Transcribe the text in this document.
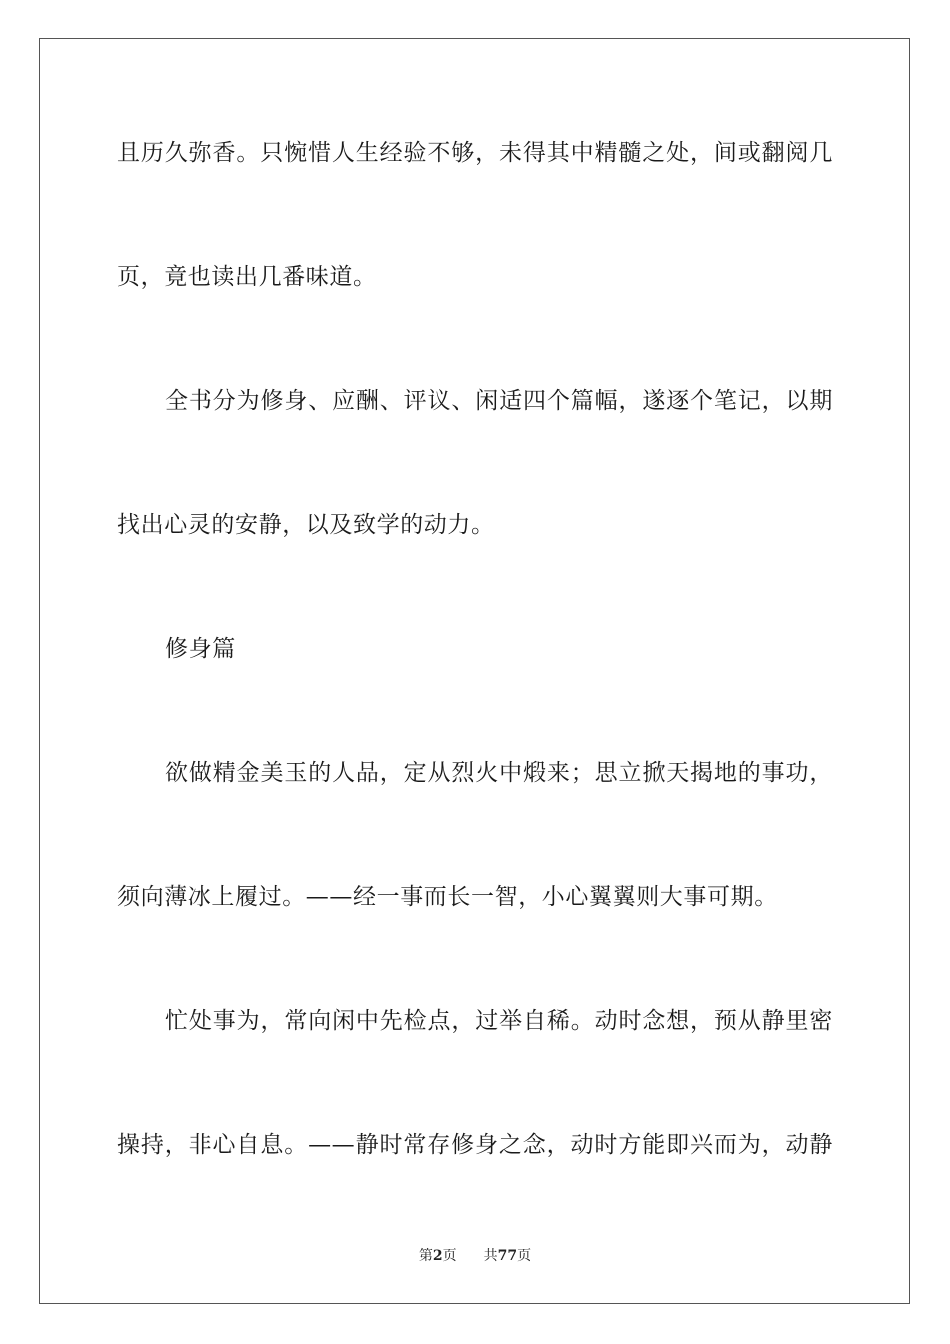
且历久弥香。只惋惜人生经验不够，未得其中精髓之处，间或翻阅几
页，竟也读出几番味道。
全书分为修身、应酬、评议、闲适四个篇幅，遂逐个笔记，以期
找出心灵的安静，以及致学的动力。
修身篇
欲做精金美玉的人品，定从烈火中煅来；思立掀天揭地的事功，
须向薄冰上履过。——经一事而长一智，小心翼翼则大事可期。
忙处事为，常向闲中先检点，过举自稀。动时念想，预从静里密
操持，非心自息。——静时常存修身之念，动时方能即兴而为，动静
第2页 共77页
